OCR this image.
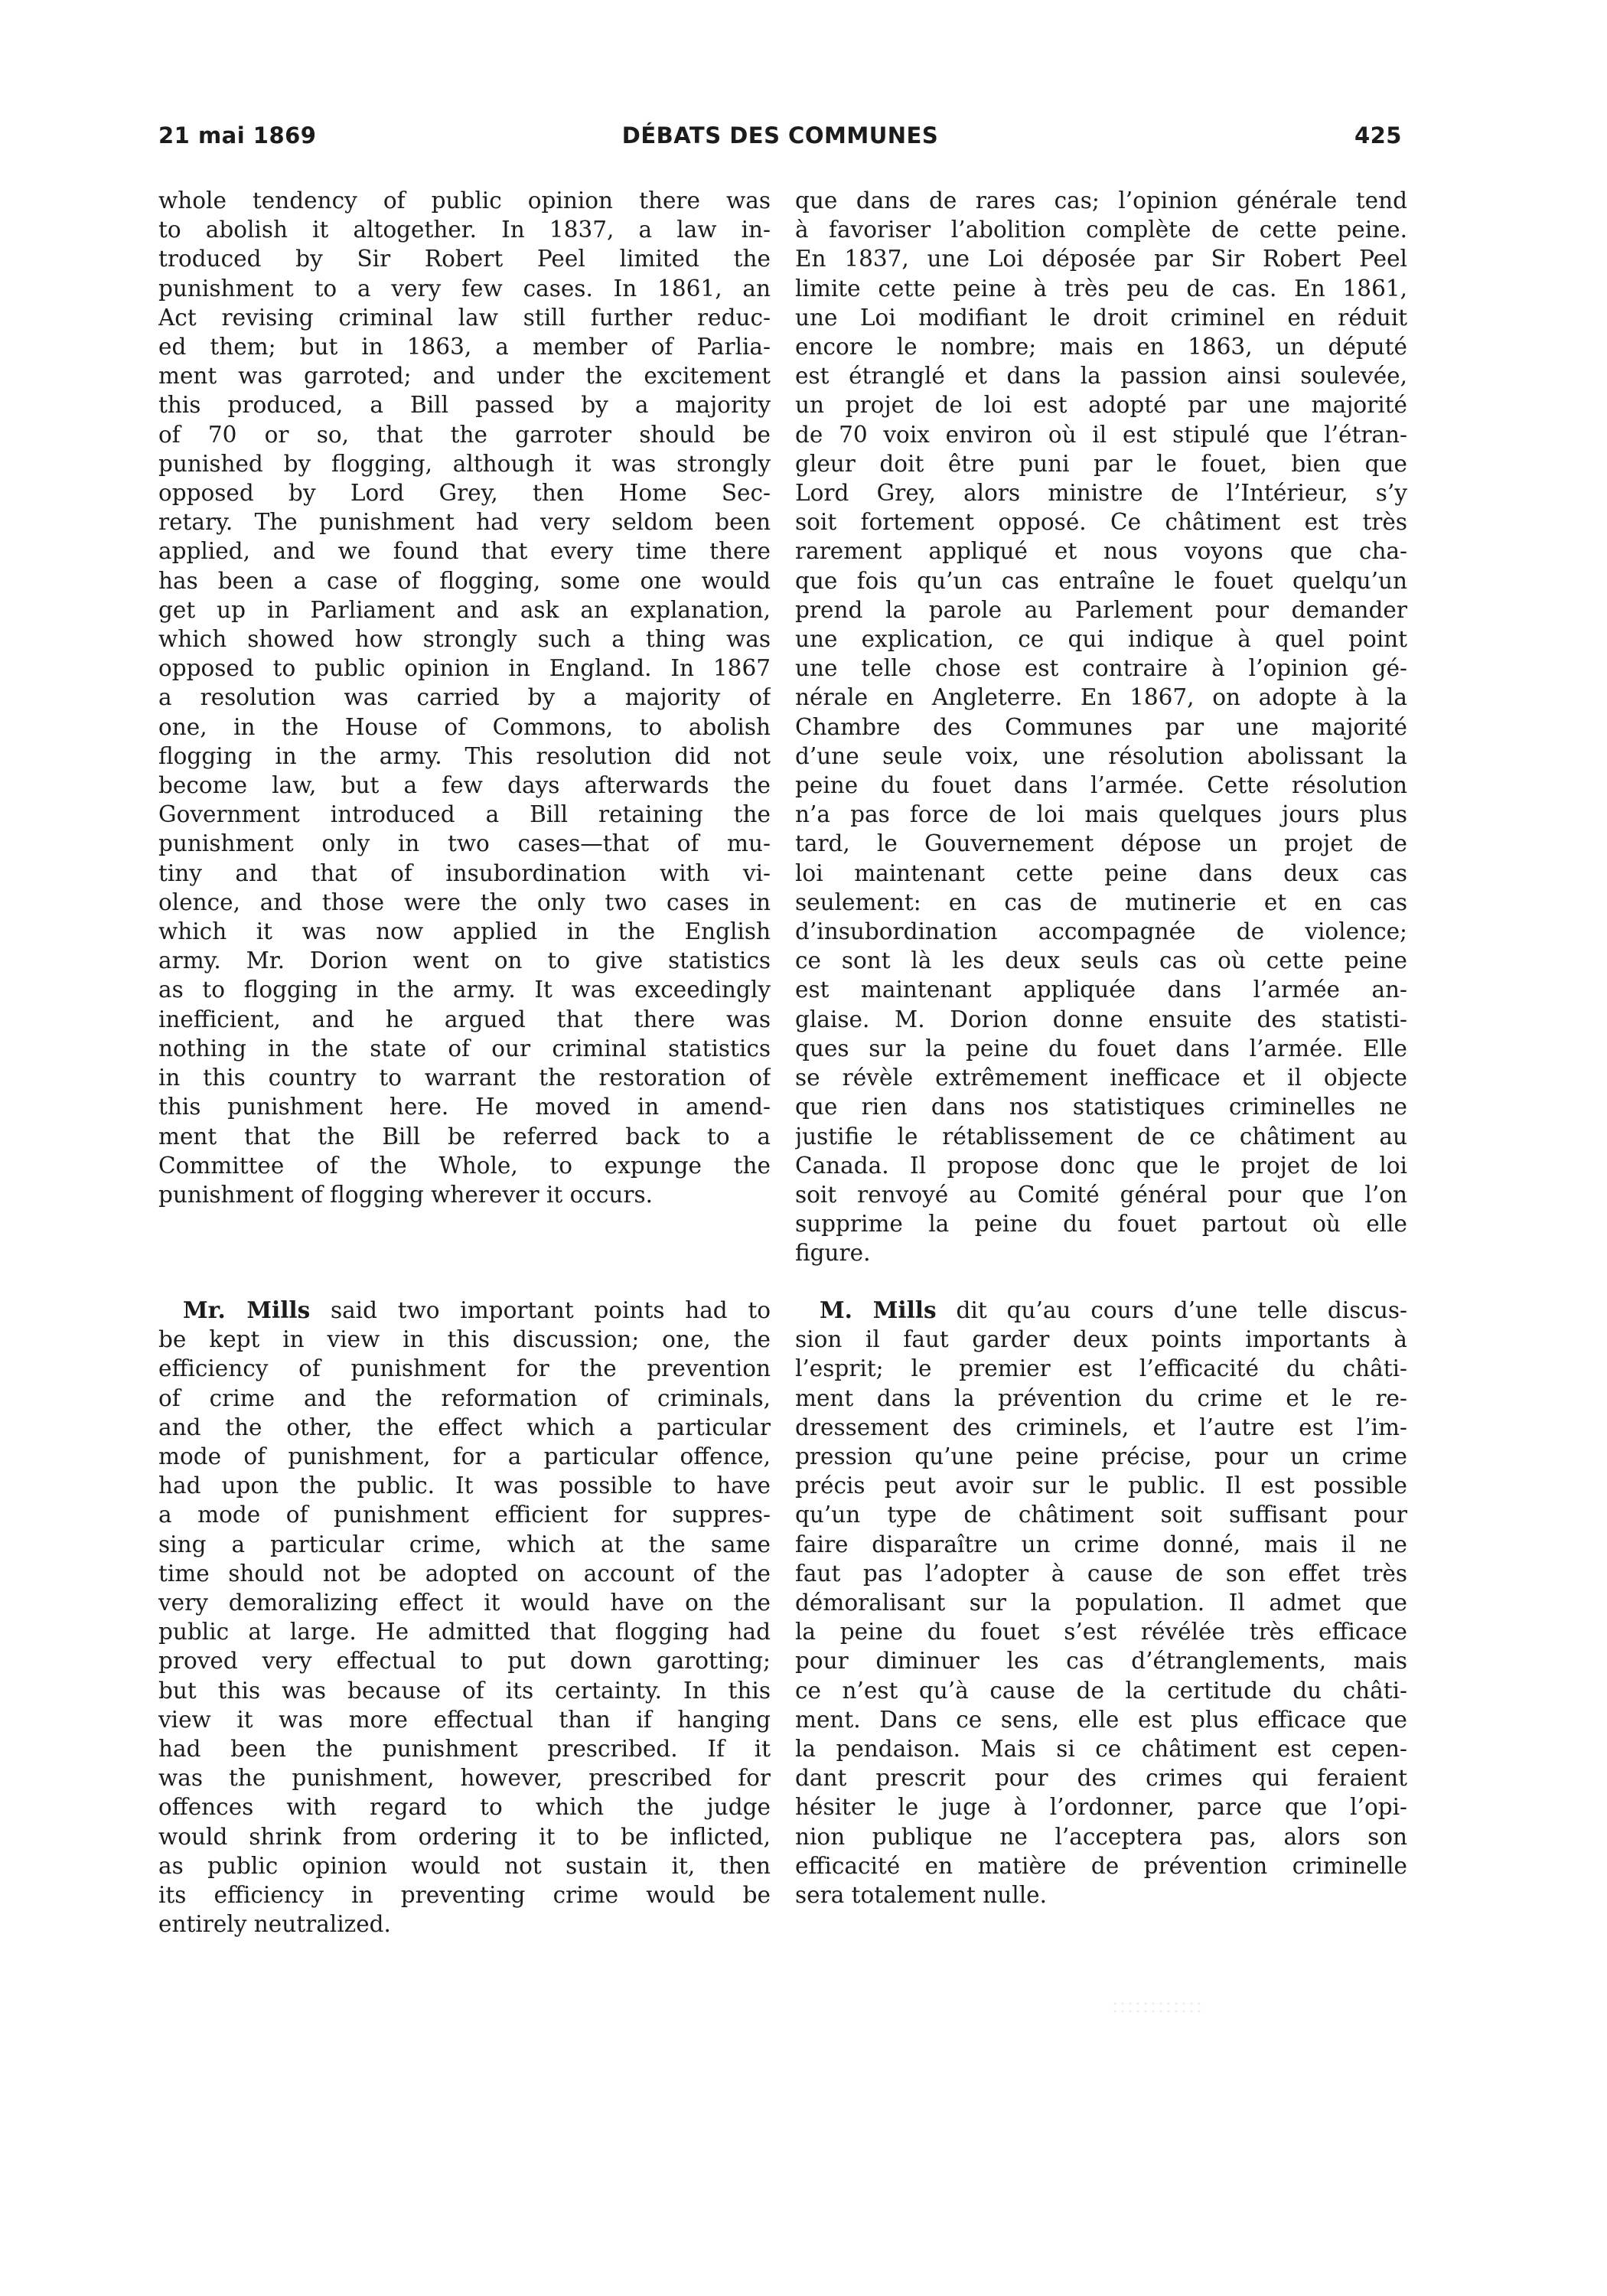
21 mai 1869	DÉBATS DES COMMUNES	425

whole tendency of public opinion there was
to abolish it altogether. In 1837, a law in-
troduced by Sir Robert Peel limited the
punishment to a very few cases. In 1861, an
Act revising criminal law still further reduc-
ed them; but in 1863, a member of Parlia-
ment was garroted; and under the excitement
this produced, a Bill passed by a majority
of 70 or so, that the garroter should be
punished by flogging, although it was strongly
opposed by Lord Grey, then Home Sec-
retary. The punishment had very seldom been
applied, and we found that every time there
has been a case of flogging, some one would
get up in Parliament and ask an explanation,
which showed how strongly such a thing was
opposed to public opinion in England. In 1867
a resolution was carried by a majority of
one, in the House of Commons, to abolish
flogging in the army. This resolution did not
become law, but a few days afterwards the
Government introduced a Bill retaining the
punishment only in two cases—that of mu-
tiny and that of insubordination with vi-
olence, and those were the only two cases in
which it was now applied in the English
army. Mr. Dorion went on to give statistics
as to flogging in the army. It was exceedingly
inefficient, and he argued that there was
nothing in the state of our criminal statistics
in this country to warrant the restoration of
this punishment here. He moved in amend-
ment that the Bill be referred back to a
Committee of the Whole, to expunge the
punishment of flogging wherever it occurs.

que dans de rares cas; l’opinion générale tend
à favoriser l’abolition complète de cette peine.
En 1837, une Loi déposée par Sir Robert Peel
limite cette peine à très peu de cas. En 1861,
une Loi modifiant le droit criminel en réduit
encore le nombre; mais en 1863, un député
est étranglé et dans la passion ainsi soulevée,
un projet de loi est adopté par une majorité
de 70 voix environ où il est stipulé que l’étran-
gleur doit être puni par le fouet, bien que
Lord Grey, alors ministre de l’Intérieur, s’y
soit fortement opposé. Ce châtiment est très
rarement appliqué et nous voyons que cha-
que fois qu’un cas entraîne le fouet quelqu’un
prend la parole au Parlement pour demander
une explication, ce qui indique à quel point
une telle chose est contraire à l’opinion gé-
nérale en Angleterre. En 1867, on adopte à la
Chambre des Communes par une majorité
d’une seule voix, une résolution abolissant la
peine du fouet dans l’armée. Cette résolution
n’a pas force de loi mais quelques jours plus
tard, le Gouvernement dépose un projet de
loi maintenant cette peine dans deux cas
seulement: en cas de mutinerie et en cas
d’insubordination accompagnée de violence;
ce sont là les deux seuls cas où cette peine
est maintenant appliquée dans l’armée an-
glaise. M. Dorion donne ensuite des statisti-
ques sur la peine du fouet dans l’armée. Elle
se révèle extrêmement inefficace et il objecte
que rien dans nos statistiques criminelles ne
justifie le rétablissement de ce châtiment au
Canada. Il propose donc que le projet de loi
soit renvoyé au Comité général pour que l’on
supprime la peine du fouet partout où elle
figure.

Mr. Mills said two important points had to
be kept in view in this discussion; one, the
efficiency of punishment for the prevention
of crime and the reformation of criminals,
and the other, the effect which a particular
mode of punishment, for a particular offence,
had upon the public. It was possible to have
a mode of punishment efficient for suppres-
sing a particular crime, which at the same
time should not be adopted on account of the
very demoralizing effect it would have on the
public at large. He admitted that flogging had
proved very effectual to put down garotting;
but this was because of its certainty. In this
view it was more effectual than if hanging
had been the punishment prescribed. If it
was the punishment, however, prescribed for
offences with regard to which the judge
would shrink from ordering it to be inflicted,
as public opinion would not sustain it, then
its efficiency in preventing crime would be
entirely neutralized.

M. Mills dit qu’au cours d’une telle discus-
sion il faut garder deux points importants à
l’esprit; le premier est l’efficacité du châti-
ment dans la prévention du crime et le re-
dressement des criminels, et l’autre est l’im-
pression qu’une peine précise, pour un crime
précis peut avoir sur le public. Il est possible
qu’un type de châtiment soit suffisant pour
faire disparaître un crime donné, mais il ne
faut pas l’adopter à cause de son effet très
démoralisant sur la population. Il admet que
la peine du fouet s’est révélée très efficace
pour diminuer les cas d’étranglements, mais
ce n’est qu’à cause de la certitude du châti-
ment. Dans ce sens, elle est plus efficace que
la pendaison. Mais si ce châtiment est cepen-
dant prescrit pour des crimes qui feraient
hésiter le juge à l’ordonner, parce que l’opi-
nion publique ne l’acceptera pas, alors son
efficacité en matière de prévention criminelle
sera totalement nulle.
